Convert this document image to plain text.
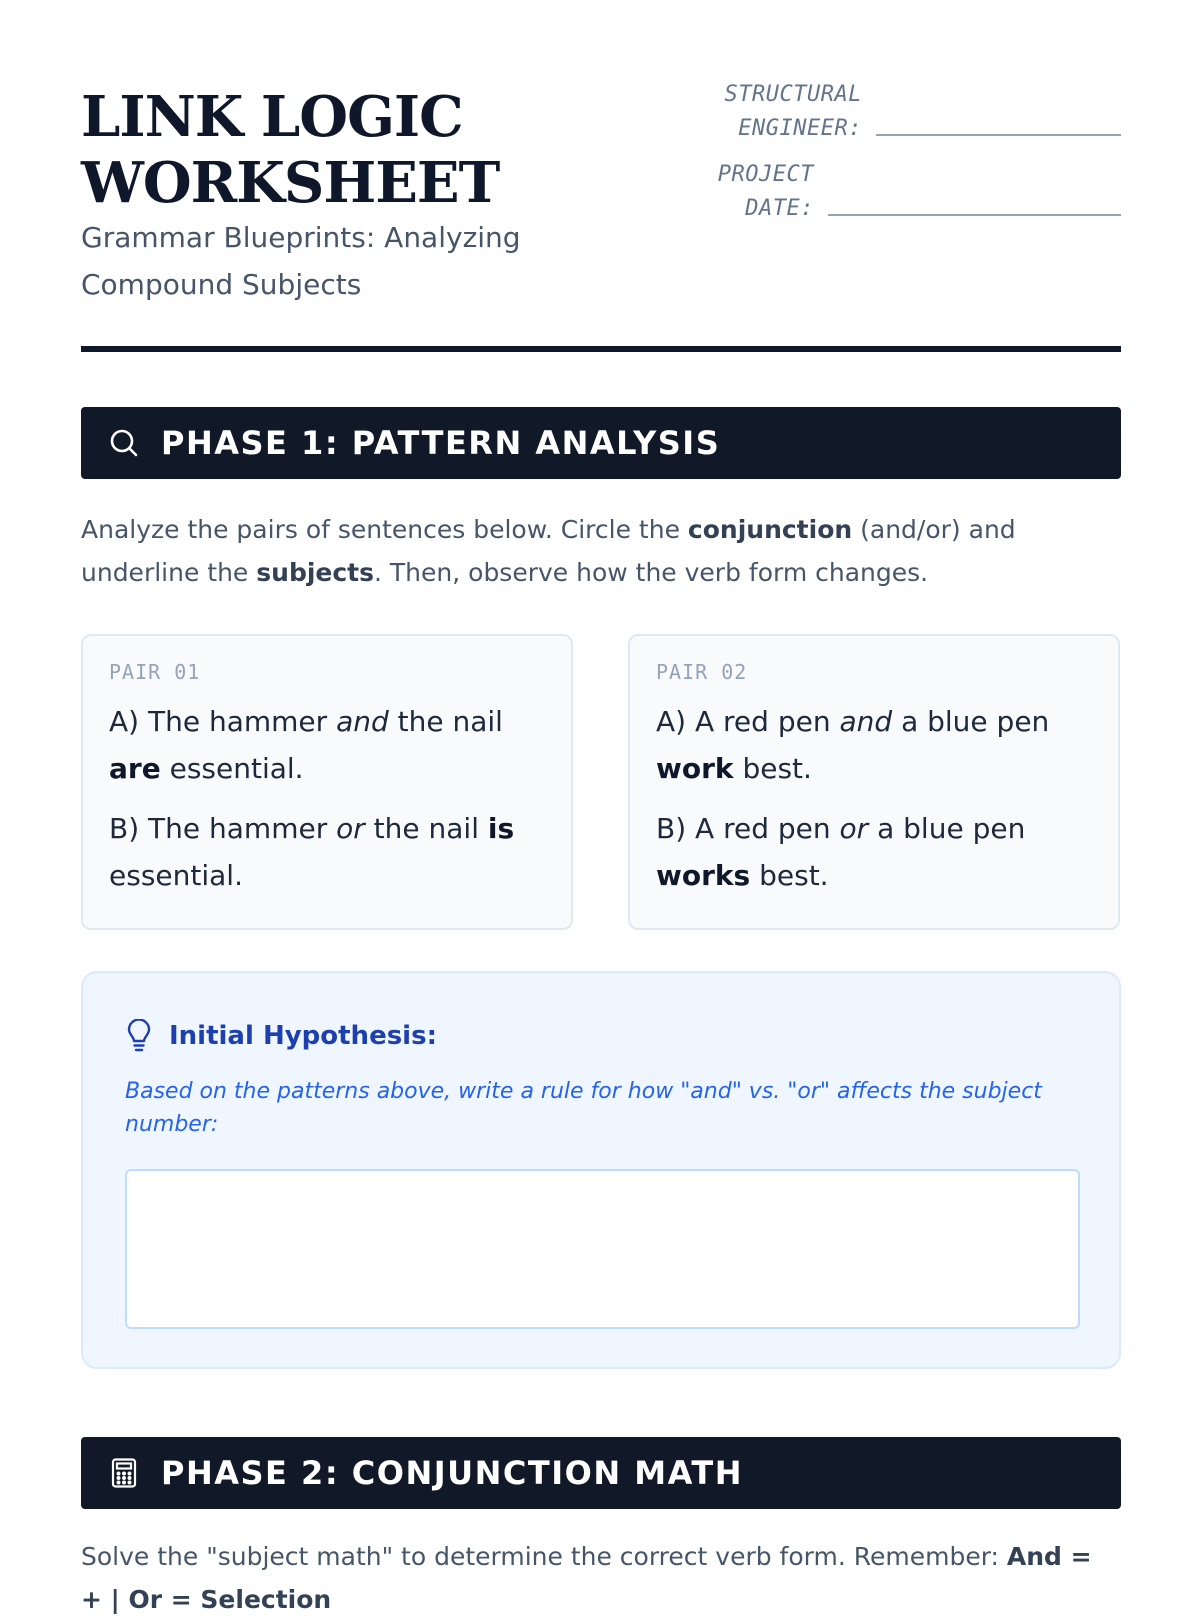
LINK LOGIC
WORKSHEET
Grammar Blueprints: Analyzing Compound Subjects
STRUCTURAL
ENGINEER:
PROJECT
DATE:
PHASE 1: PATTERN ANALYSIS
Analyze the pairs of sentences below. Circle the conjunction (and/or) and underline the subjects. Then, observe how the verb form changes.
PAIR 01
A) The hammer and the nail are essential.
B) The hammer or the nail is essential.
PAIR 02
A) A red pen and a blue pen work best.
B) A red pen or a blue pen works best.
Initial Hypothesis:
Based on the patterns above, write a rule for how "and" vs. "or" affects the subject number:
PHASE 2: CONJUNCTION MATH
Solve the "subject math" to determine the correct verb form. Remember: And = + | Or = Selection
